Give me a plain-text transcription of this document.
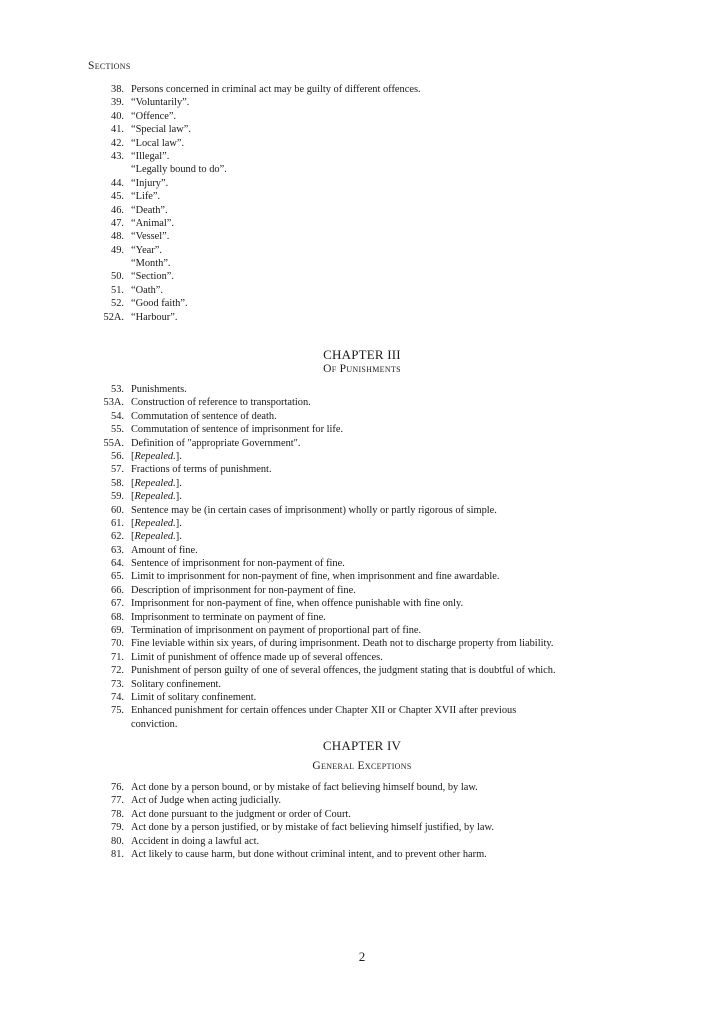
Sections
38. Persons concerned in criminal act may be guilty of different offences.
39. “Voluntarily”.
40. “Offence”.
41. “Special law”.
42. “Local law”.
43. “Illegal”.
“Legally bound to do”.
44. “Injury”.
45. “Life”.
46. “Death”.
47. “Animal”.
48. “Vessel”.
49. “Year”.
“Month”.
50. “Section”.
51. “Oath”.
52. “Good faith”.
52A. “Harbour”.
CHAPTER III
Of Punishments
53. Punishments.
53A. Construction of reference to transportation.
54. Commutation of sentence of death.
55. Commutation of sentence of imprisonment for life.
55A. Definition of "appropriate Government".
56. [Repealed.].
57. Fractions of terms of punishment.
58. [Repealed.].
59. [Repealed.].
60. Sentence may be (in certain cases of imprisonment) wholly or partly rigorous of simple.
61. [Repealed.].
62. [Repealed.].
63. Amount of fine.
64. Sentence of imprisonment for non-payment of fine.
65. Limit to imprisonment for non-payment of fine, when imprisonment and fine awardable.
66. Description of imprisonment for non-payment of fine.
67. Imprisonment for non-payment of fine, when offence punishable with fine only.
68. Imprisonment to terminate on payment of fine.
69. Termination of imprisonment on payment of proportional part of fine.
70. Fine leviable within six years, of during imprisonment. Death not to discharge property from liability.
71. Limit of punishment of offence made up of several offences.
72. Punishment of person guilty of one of several offences, the judgment stating that is doubtful of which.
73. Solitary confinement.
74. Limit of solitary confinement.
75. Enhanced punishment for certain offences under Chapter XII or Chapter XVII after previous
conviction.
CHAPTER IV
General Exceptions
76. Act done by a person bound, or by mistake of fact believing himself bound, by law.
77. Act of Judge when acting judicially.
78. Act done pursuant to the judgment or order of Court.
79. Act done by a person justified, or by mistake of fact believing himself justified, by law.
80. Accident in doing a lawful act.
81. Act likely to cause harm, but done without criminal intent, and to prevent other harm.
2
